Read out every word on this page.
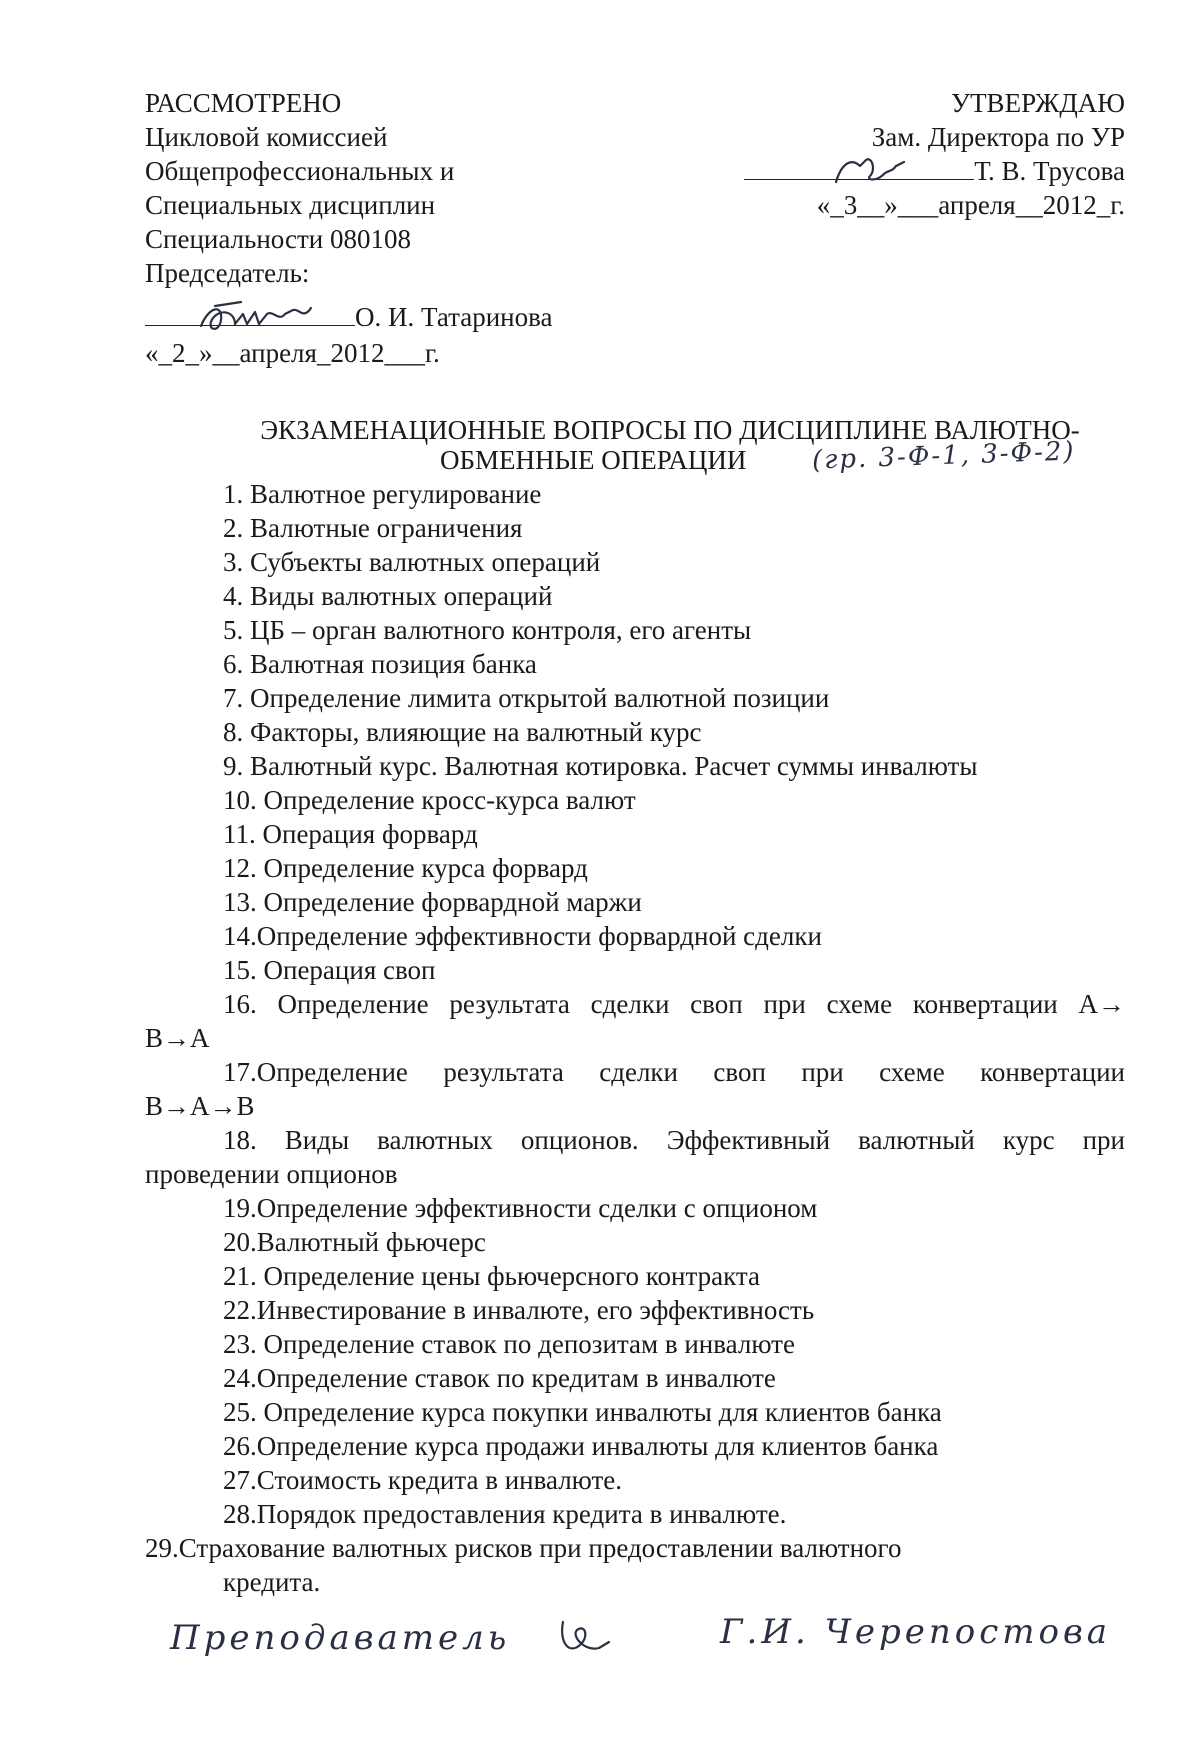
РАССМОТРЕНО
Цикловой комиссией
Общепрофессиональных и
Специальных дисциплин
Специальности 080108
Председатель:
О. И. Татаринова
«_2_»__апреля_2012___г.
УТВЕРЖДАЮ
Зам. Директора по УР
Т. В. Трусова
«_3__»___апреля__2012_г.
ЭКЗАМЕНАЦИОННЫЕ ВОПРОСЫ ПО ДИСЦИПЛИНЕ ВАЛЮТНО-
ОБМЕННЫЕ ОПЕРАЦИИ	(гр. 3-Ф-1, 3-Ф-2)
1. Валютное регулирование
2. Валютные ограничения
3. Субъекты валютных операций
4. Виды валютных операций
5. ЦБ – орган валютного контроля, его агенты
6. Валютная позиция банка
7. Определение лимита открытой валютной позиции
8. Факторы, влияющие на валютный курс
9. Валютный курс. Валютная котировка. Расчет суммы инвалюты
10. Определение кросс-курса валют
11. Операция форвард
12. Определение курса форвард
13. Определение форвардной маржи
14.Определение эффективности форвардной сделки
15. Операция своп
16. Определение результата сделки своп при схеме конвертации А→
В→А
17.Определение результата сделки своп при схеме конвертации
В→А→В
18. Виды валютных опционов. Эффективный валютный курс при
проведении опционов
19.Определение эффективности сделки с опционом
20.Валютный фьючерс
21. Определение цены фьючерсного контракта
22.Инвестирование в инвалюте, его эффективность
23. Определение ставок по депозитам в инвалюте
24.Определение ставок по кредитам в инвалюте
25. Определение курса покупки инвалюты для клиентов банка
26.Определение курса продажи инвалюты для клиентов банка
27.Стоимость кредита в инвалюте.
28.Порядок предоставления кредита в инвалюте.
29.Страхование валютных рисков при предоставлении валютного
кредита.
Преподаватель	Г.И. Черепостова
